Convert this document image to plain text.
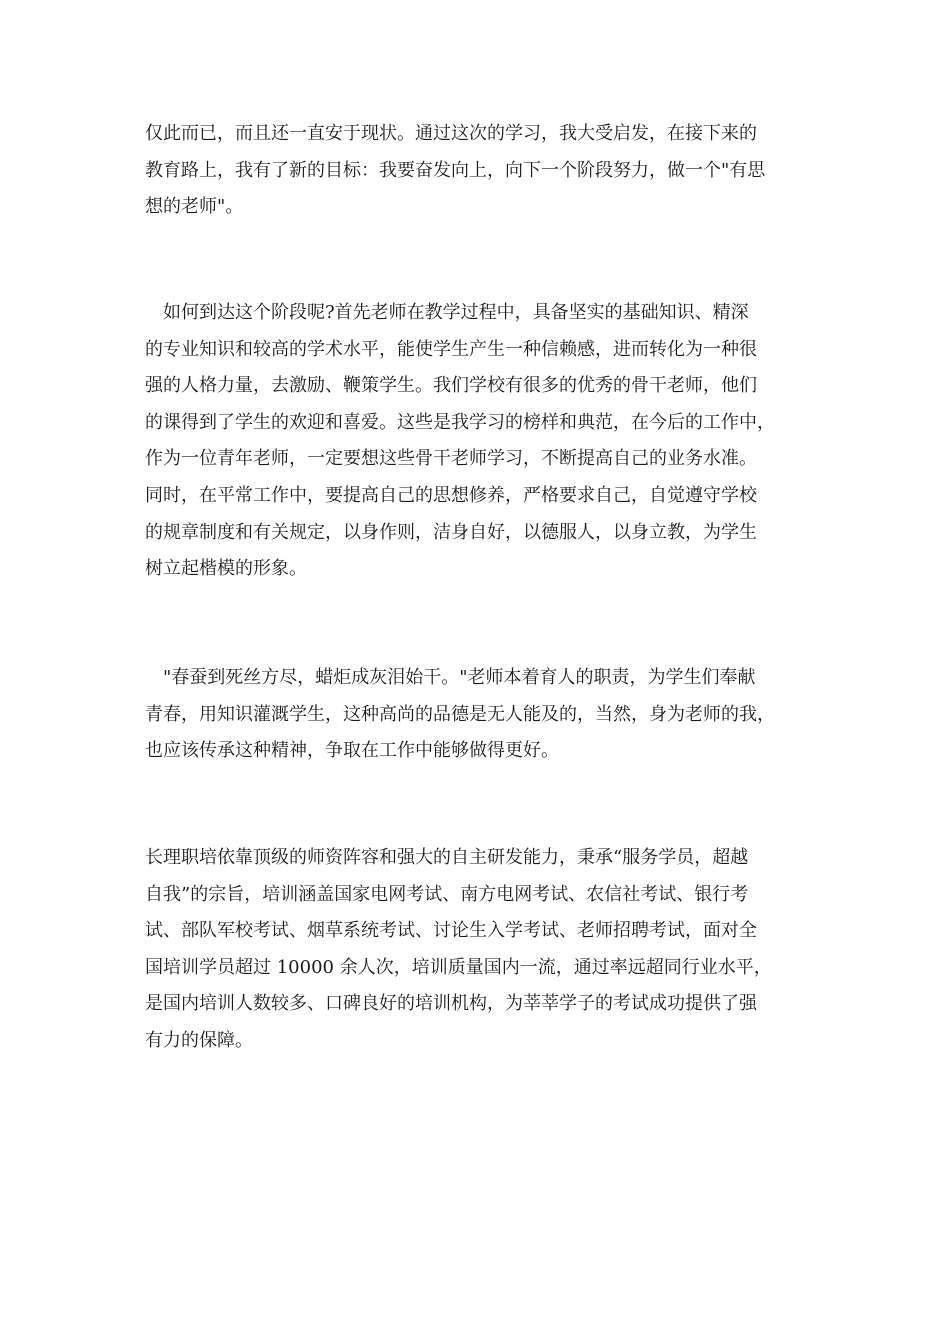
仅此而已，而且还一直安于现状。通过这次的学习，我大受启发，在接下来的
教育路上，我有了新的目标：我要奋发向上，向下一个阶段努力，做一个"有思
想的老师"。
　如何到达这个阶段呢?首先老师在教学过程中，具备坚实的基础知识、精深
的专业知识和较高的学术水平，能使学生产生一种信赖感，进而转化为一种很
强的人格力量，去激励、鞭策学生。我们学校有很多的优秀的骨干老师，他们
的课得到了学生的欢迎和喜爱。这些是我学习的榜样和典范，在今后的工作中，
作为一位青年老师，一定要想这些骨干老师学习，不断提高自己的业务水准。
同时，在平常工作中，要提高自己的思想修养，严格要求自己，自觉遵守学校
的规章制度和有关规定，以身作则，洁身自好，以德服人，以身立教，为学生
树立起楷模的形象。
　"春蚕到死丝方尽，蜡炬成灰泪始干。"老师本着育人的职责，为学生们奉献
青春，用知识灌溉学生，这种高尚的品德是无人能及的，当然，身为老师的我，
也应该传承这种精神，争取在工作中能够做得更好。
长理职培依靠顶级的师资阵容和强大的自主研发能力，秉承“服务学员，超越
自我”的宗旨，培训涵盖国家电网考试、南方电网考试、农信社考试、银行考
试、部队军校考试、烟草系统考试、讨论生入学考试、老师招聘考试，面对全
国培训学员超过 10000 余人次，培训质量国内一流，通过率远超同行业水平，
是国内培训人数较多、口碑良好的培训机构，为莘莘学子的考试成功提供了强
有力的保障。
